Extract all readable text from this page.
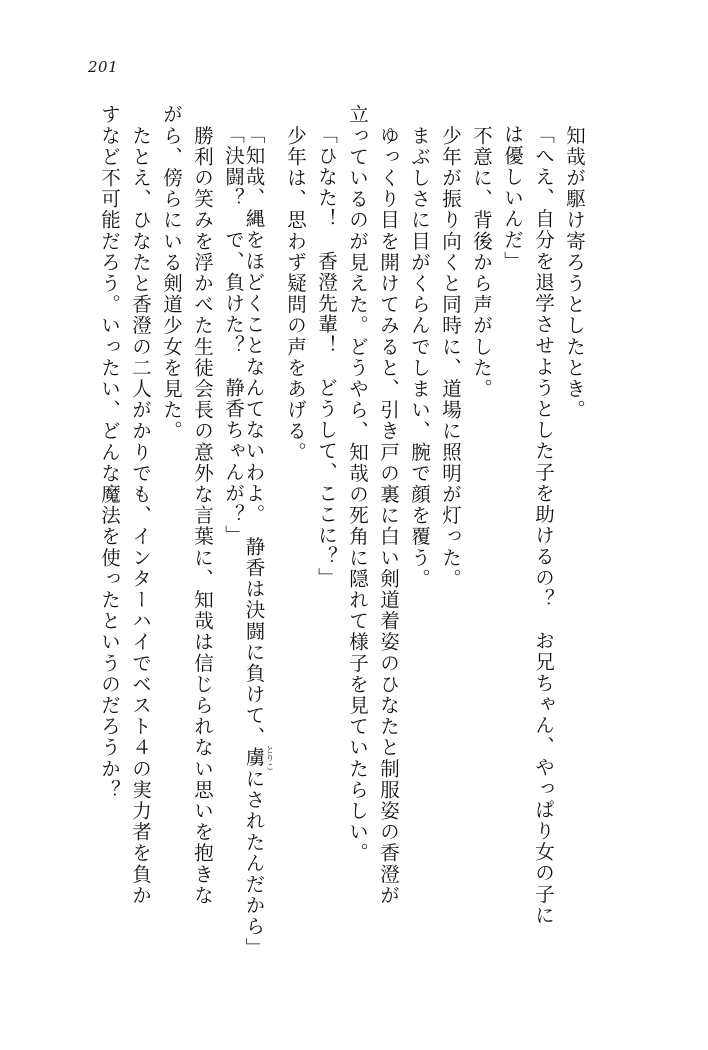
201
　知哉が駆け寄ろうとしたとき。
「へえ、自分を退学させようとした子を助けるの？　お兄ちゃん、やっぱり女の子に
は優しいんだ」
　不意に、背後から声がした。
　少年が振り向くと同時に、道場に照明が灯った。
　まぶしさに目がくらんでしまい、腕で顔を覆う。
　ゆっくり目を開けてみると、引き戸の裏に白い剣道着姿のひなたと制服姿の香澄が
立っているのが見えた。どうやら、知哉の死角に隠れて様子を見ていたらしい。
「ひなた！　香澄先輩！　どうして、ここに？」
　少年は、思わず疑問の声をあげる。
「知哉、縄をほどくことなんてないわよ。　静香は決闘に負けて、虜とりこにされたんだから」
「決闘？　で、負けた？　静香ちゃんが？」
　勝利の笑みを浮かべた生徒会長の意外な言葉に、知哉は信じられない思いを抱きな
がら、傍らにいる剣道少女を見た。
　たとえ、ひなたと香澄の二人がかりでも、インターハイでベスト４の実力者を負か
すなど不可能だろう。いったい、どんな魔法を使ったというのだろうか？
